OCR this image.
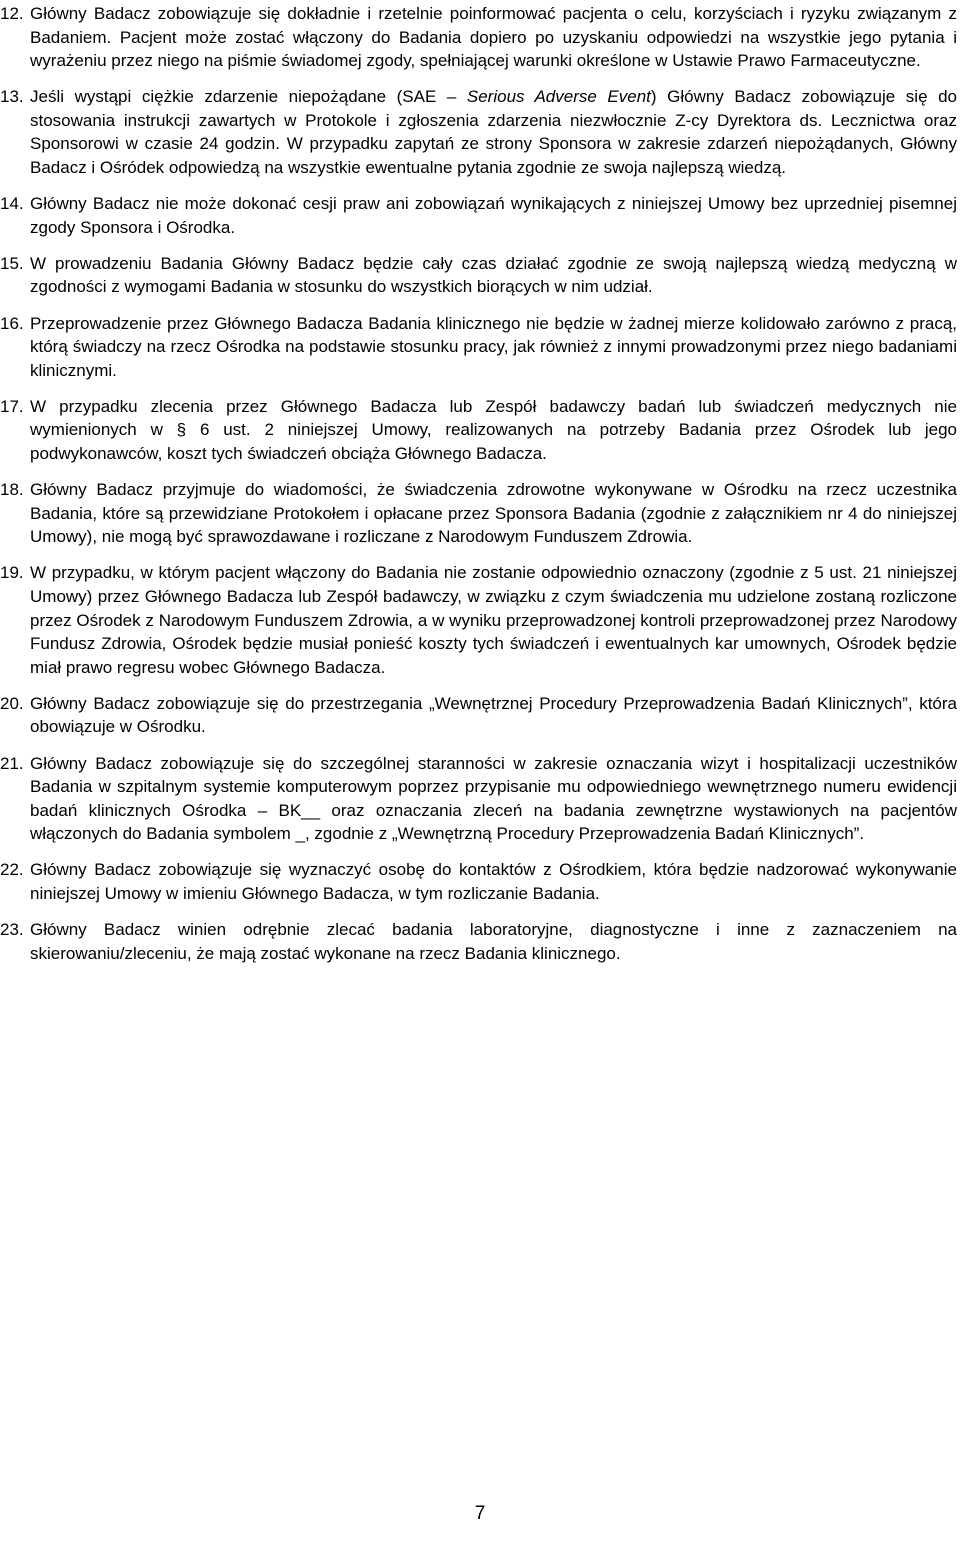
12. Główny Badacz zobowiązuje się dokładnie i rzetelnie poinformować pacjenta o celu, korzyściach i ryzyku związanym z Badaniem. Pacjent może zostać włączony do Badania dopiero po uzyskaniu odpowiedzi na wszystkie jego pytania i wyrażeniu przez niego na piśmie świadomej zgody, spełniającej warunki określone w Ustawie Prawo Farmaceutyczne.
13. Jeśli wystąpi ciężkie zdarzenie niepożądane (SAE – Serious Adverse Event) Główny Badacz zobowiązuje się do stosowania instrukcji zawartych w Protokole i zgłoszenia zdarzenia niezwłocznie Z-cy Dyrektora ds. Lecznictwa oraz Sponsorowi w czasie 24 godzin. W przypadku zapytań ze strony Sponsora w zakresie zdarzeń niepożądanych, Główny Badacz i Ośródek odpowiedzą na wszystkie ewentualne pytania zgodnie ze swoja najlepszą wiedzą.
14. Główny Badacz nie może dokonać cesji praw ani zobowiązań wynikających z niniejszej Umowy bez uprzedniej pisemnej zgody Sponsora i Ośrodka.
15. W prowadzeniu Badania Główny Badacz będzie cały czas działać zgodnie ze swoją najlepszą wiedzą medyczną w zgodności z wymogami Badania w stosunku do wszystkich biorących w nim udział.
16. Przeprowadzenie przez Głównego Badacza Badania klinicznego nie będzie w żadnej mierze kolidowało zarówno z pracą, którą świadczy na rzecz Ośrodka na podstawie stosunku pracy, jak również z innymi prowadzonymi przez niego badaniami klinicznymi.
17. W przypadku zlecenia przez Głównego Badacza lub Zespół badawczy badań lub świadczeń medycznych nie wymienionych w § 6 ust. 2 niniejszej Umowy, realizowanych na potrzeby Badania przez Ośrodek lub jego podwykonawców, koszt tych świadczeń obciąża Głównego Badacza.
18. Główny Badacz przyjmuje do wiadomości, że świadczenia zdrowotne wykonywane w Ośrodku na rzecz uczestnika Badania, które są przewidziane Protokołem i opłacane przez Sponsora Badania (zgodnie z załącznikiem nr 4 do niniejszej Umowy), nie mogą być sprawozdawane i rozliczane z Narodowym Funduszem Zdrowia.
19. W przypadku, w którym pacjent włączony do Badania nie zostanie odpowiednio oznaczony (zgodnie z 5 ust. 21 niniejszej Umowy) przez Głównego Badacza lub Zespół badawczy, w związku z czym świadczenia mu udzielone zostaną rozliczone przez Ośrodek z Narodowym Funduszem Zdrowia, a w wyniku przeprowadzonej kontroli przeprowadzonej przez Narodowy Fundusz Zdrowia, Ośrodek będzie musiał ponieść koszty tych świadczeń i ewentualnych kar umownych, Ośrodek będzie miał prawo regresu wobec Głównego Badacza.
20. Główny Badacz zobowiązuje się do przestrzegania „Wewnętrznej Procedury Przeprowadzenia Badań Klinicznych”, która obowiązuje w Ośrodku.
21. Główny Badacz zobowiązuje się do szczególnej staranności w zakresie oznaczania wizyt i hospitalizacji uczestników Badania w szpitalnym systemie komputerowym poprzez przypisanie mu odpowiedniego wewnętrznego numeru ewidencji badań klinicznych Ośrodka – BK__ oraz oznaczania zleceń na badania zewnętrzne wystawionych na pacjentów włączonych do Badania symbolem _, zgodnie z „Wewnętrzną Procedury Przeprowadzenia Badań Klinicznych”.
22. Główny Badacz zobowiązuje się wyznaczyć osobę do kontaktów z Ośrodkiem, która będzie nadzorować wykonywanie niniejszej Umowy w imieniu Głównego Badacza, w tym rozliczanie Badania.
23. Główny Badacz winien odrębnie zlecać badania laboratoryjne, diagnostyczne i inne z zaznaczeniem na skierowaniu/zleceniu, że mają zostać wykonane na rzecz Badania klinicznego.
7
